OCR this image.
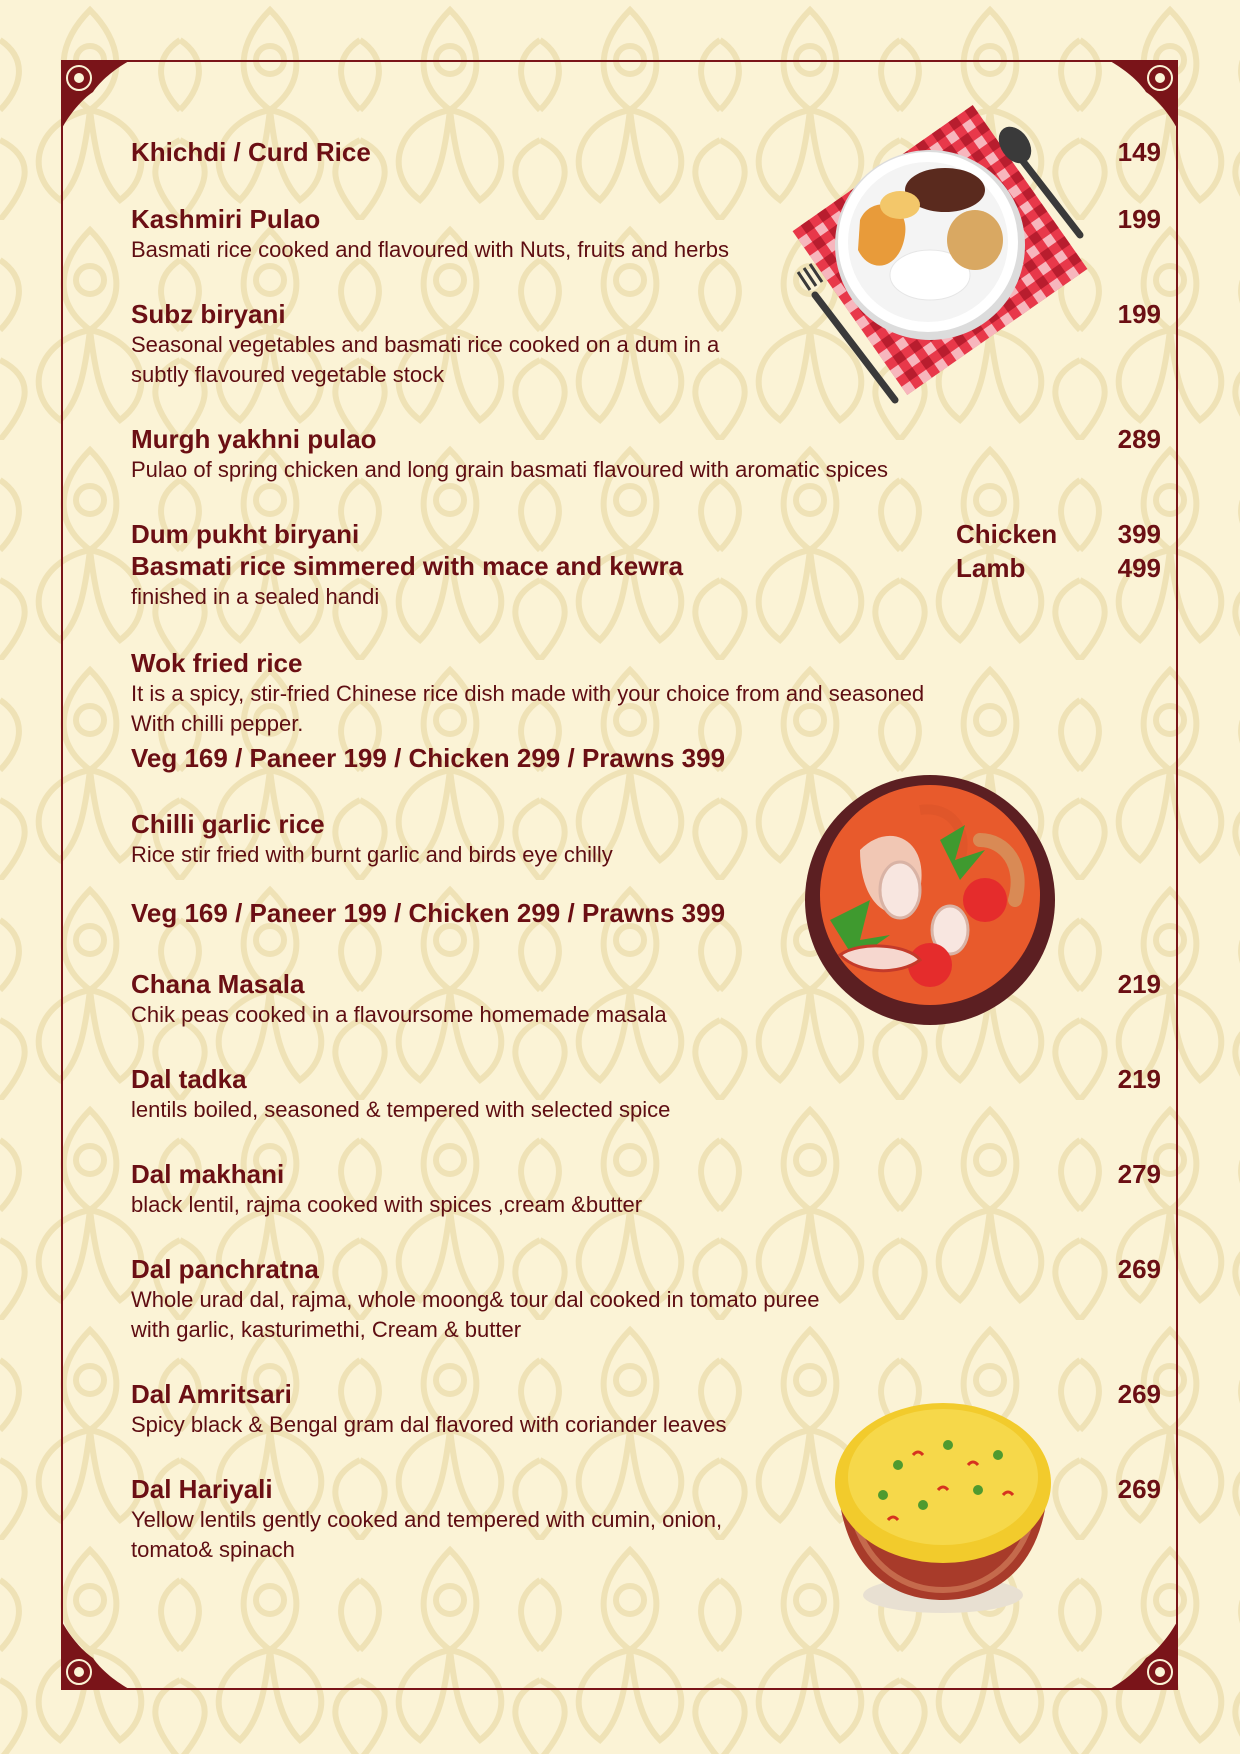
Khichdi / Curd Rice	149
Kashmiri Pulao
Basmati rice cooked and flavoured with Nuts, fruits and herbs
199
Subz biryani
Seasonal vegetables and basmati rice cooked on a dum in a
subtly flavoured vegetable stock
199
Murgh yakhni pulao
Pulao of spring chicken and long grain basmati flavoured with aromatic spices
289
Dum pukht biryani
Basmati rice simmered with mace and kewra
finished in a sealed handi
Chicken 399
Lamb	499
Wok fried rice
It is a spicy, stir-fried Chinese rice dish made with your choice from and seasoned
With chilli pepper.
Veg 169 / Paneer 199 / Chicken 299 / Prawns 399
Chilli garlic rice
Rice stir fried with burnt garlic and birds eye chilly
Veg 169 / Paneer 199 / Chicken 299 / Prawns 399
Chana Masala
Chik peas cooked in a flavoursome homemade masala
219
Dal tadka
lentils boiled, seasoned & tempered with selected spice
219
Dal makhani
black lentil, rajma cooked with spices ,cream &butter
279
Dal panchratna
Whole urad dal, rajma, whole moong& tour dal cooked in tomato puree
with garlic, kasturimethi, Cream & butter
269
Dal Amritsari
Spicy black & Bengal gram dal flavored with coriander leaves
269
Dal Hariyali
Yellow lentils gently cooked and tempered with cumin, onion,
tomato& spinach
269
